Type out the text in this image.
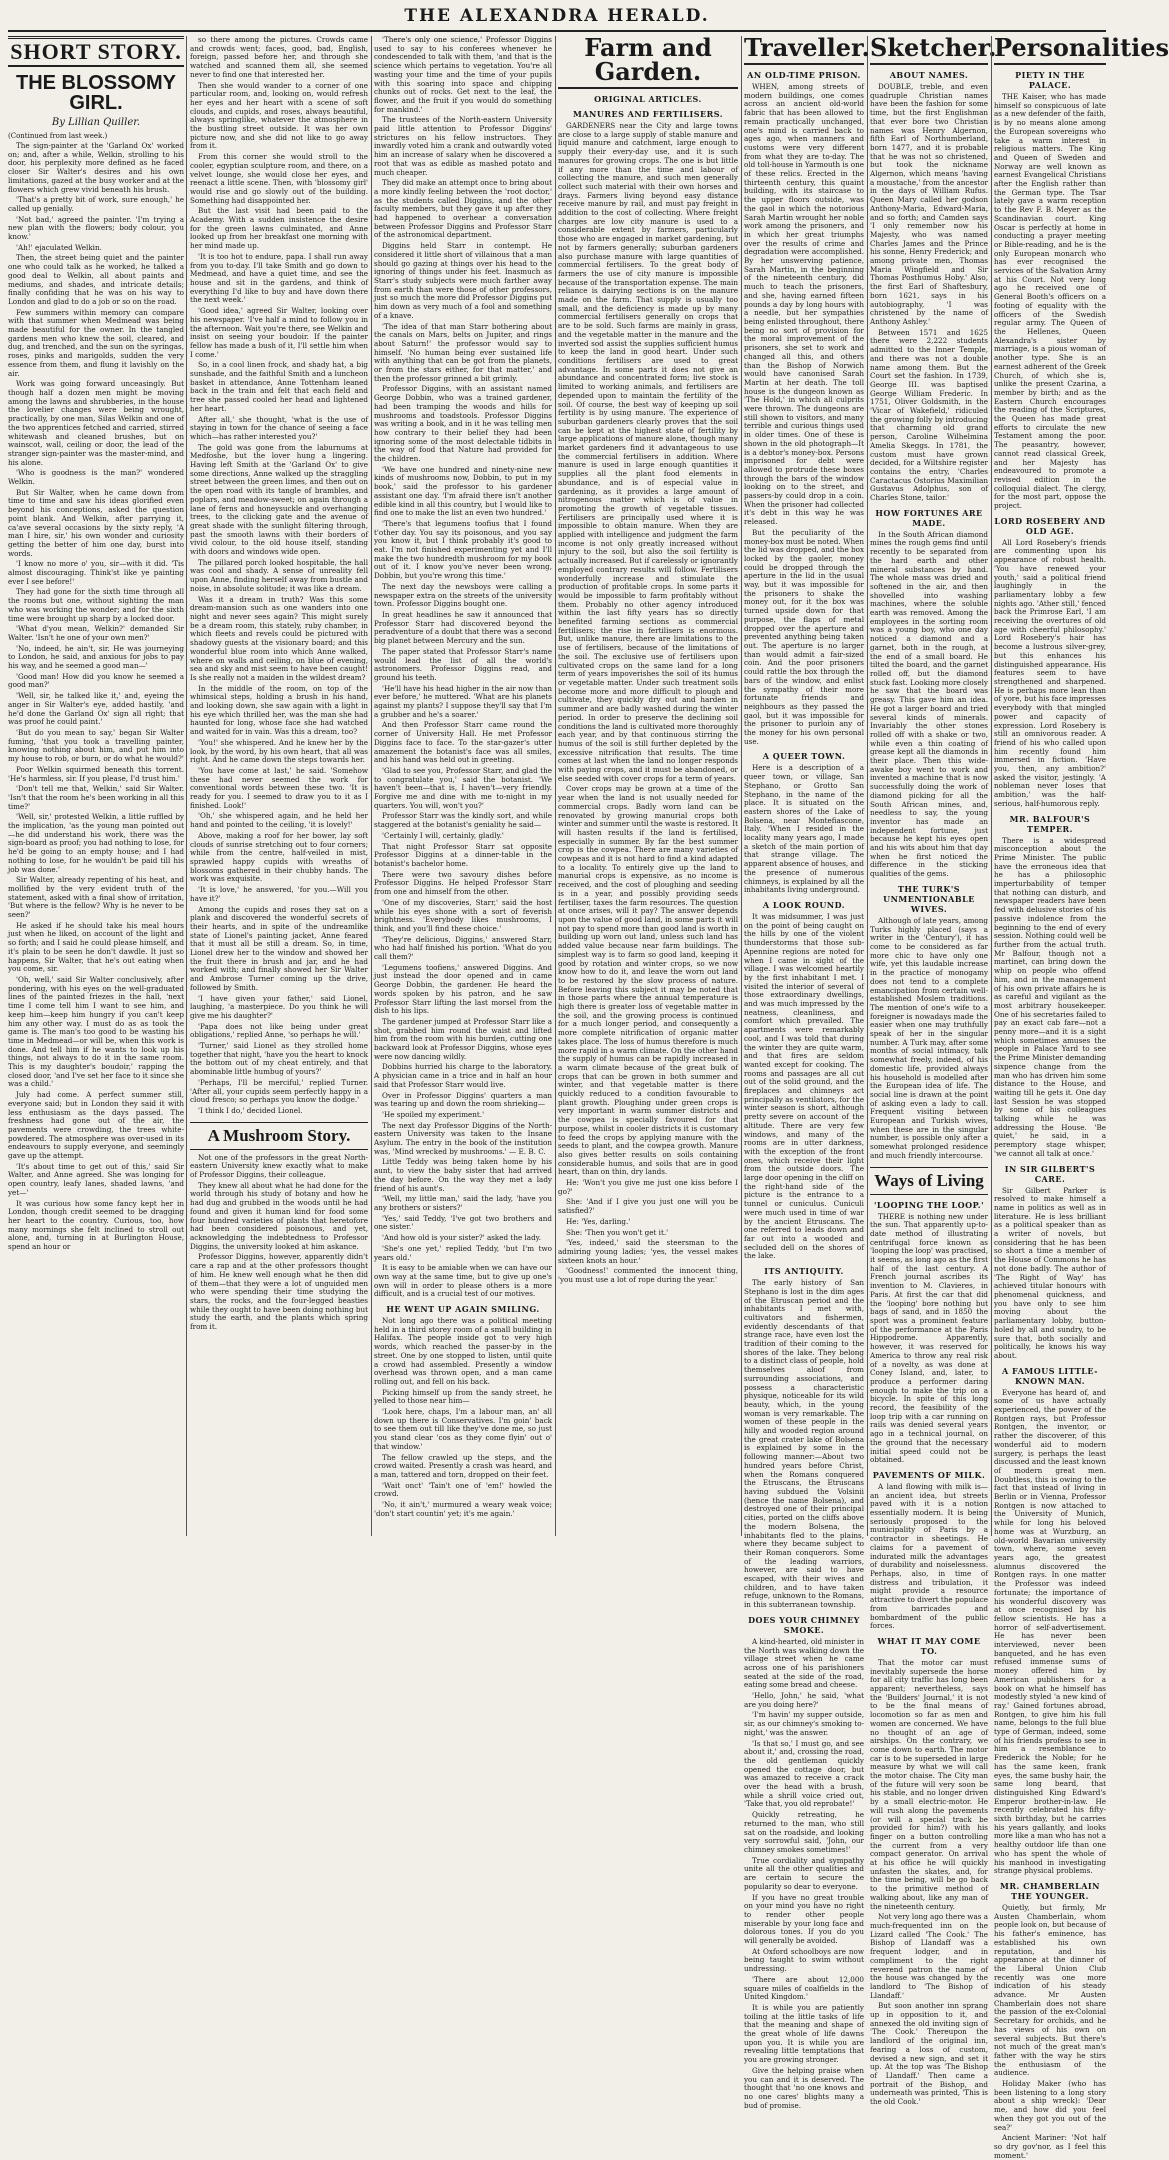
THE ALEXANDRA HERALD.
SHORT STORY.
THE BLOSSOMY GIRL.
By Lillian Quiller.
(Continued from last week.)

The sign-painter at the 'Garland Ox' worked on; and, after a while, Welkin, strolling to his door, his perplexity more defined as he faced closer Sir Walter's desires and his own limitations, gazed at the busy worker and at the flowers which grew vivid beneath his brush.

'That's a pretty bit of work, sure enough,' he called up genially.

'Not bad,' agreed the painter. 'I'm trying a new plan with the flowers; body colour, you know.'

'Ah!' ejaculated Welkin.

Then, the street being quiet and the painter one who could talk as he worked, he talked a good deal to Welkin, all about paints and mediums, and shades, and intricate details; finally confiding that he was on his way to London and glad to do a job or so on the road.

Few summers within memory can compare with that summer when Medmead was being made beautiful for the owner. In the tangled gardens men who knew the soil, cleared, and dug, and trenched, and the sun on the syringas, roses, pinks and marigolds, sudden the very essence from them, and flung it lavishly on the air.

Work was going forward unceasingly. But though half a dozen men might be moving among the lawns and shrubberies, in the house the lovelier changes were being wrought, practically, by one man, Silas Welkin and one of the two apprentices fetched and carried, stirred whitewash and cleaned brushes, but on wainscot, wall, ceiling or door, the lead of the stranger sign-painter was the master-mind, and his alone.

'Who is goodness is the man?' wondered Welkin.

But Sir Walter, when he came down from time to time and saw his ideas glorified even beyond his conceptions, asked the question point blank. And Welkin, after parrying it, ca'ave several occasions by the sixty reply, 'A man I hire, sir,' his own wonder and curiosity getting the better of him one day, burst into words.

'I know no more o' you, sir—with it did. 'Tis almost discouraging. Think'st like ye painting ever I see before!'

They had gone for the sixth time through all the rooms but one, without sighting the man who was working the wonder; and for the sixth time were brought up sharp by a locked door.

'What d'you mean, Welkin?' demanded Sir Walter. 'Isn't he one of your own men?'

'No, indeed, he ain't, sir. He was journeying to London, he said, and anxious for jobs to pay his way, and he seemed a good man—'

'Good man! How did you know he seemed a good man?'

'Well, sir, he talked like it,' and, eyeing the anger in Sir Walter's eye, added hastily, 'and he'd done the Garland Ox' sign all right; that was proof he could paint.'

'But do you mean to say,' began Sir Walter fuming, 'that you took a travelling painter, knowing nothing about him, and put him into my house to rob, or burn, or do what he would?'

Poor Welkin squirmed beneath this torrent. 'He's harmless, sir. If you please, I'd trust him.'

'Don't tell me that, Welkin,' said Sir Walter. 'Isn't that the room he's been working in all this time?'

'Well, sir,' protested Welkin, a little ruffled by the implication, 'as the young man pointed out—he did understand his work, there was the sign-board as proof; you had nothing to lose, for he'd be going to an empty house; and I had nothing to lose, for he wouldn't be paid till his job was done.'

Sir Walter, already repenting of his heat, and mollified by the very evident truth of the statement, asked with a final show of irritation, 'But where is the fellow? Why is he never to be seen?'

He asked if he should take his meal hours just when he liked, on account of the light and so forth; and I said he could please himself, and it's plain to be seen he don't dawdle. It just so happens, Sir Walter, that he's out eating when you come, sir.

'Oh, well,' said Sir Walter conclusively, after pondering, with his eyes on the well-graduated lines of the painted friezes in the hall, 'next time I come tell him I want to see him, and keep him—keep him hungry if you can't keep him any other way. I must do as as took the game is. The man's too good to be wasting his time in Medmead—or will be, when this work is done. And tell him if he wants to look up his things, not always to do it in the same room. This is my daughter's boudoir,' rapping the closed door, 'and I've set her face to it since she was a child.'

July had come. A perfect summer still, everyone said; but in London they said it with less enthusiasm as the days passed. The freshness had gone out of the air, the pavements were crowding, the trees white-powdered. The atmosphere was over-used in its endeavours to supply everyone, and seemingly gave up the attempt.

'It's about time to get out of this,' said Sir Walter, and Anne agreed. She was longing for open country, leafy lanes, shaded lawns, 'and yet—'

It was curious how some fancy kept her in London, though credit seemed to be dragging her heart to the country. Curious, too, how many mornings she felt inclined to stroll out alone, and, turning in at Burlington House, spend an hour or

so there among the pictures. Crowds came and crowds went; faces, good, bad, English, foreign, passed before her, and through she watched and scanned them all, she seemed never to find one that interested her.

Then she would wander to a corner of one particular room, and, looking on, would refresh her eyes and her heart with a scene of soft clouds, and cupids, and roses, always beautiful, always springlike, whatever the atmosphere in the bustling street outside. It was her own picture now, and she did not like to go away from it.

From this corner she would stroll to the cooler, egyptian sculpture room, and there, on a velvet lounge, she would close her eyes, and reenact a little scene. Then, with 'blossomy girl' would rise and go slowly out of the building. Something had disappointed her.

But the last visit had been paid to the Academy. With a sudden insistence the desire for the green lawns culminated, and Anne looked up from her breakfast one morning with her mind made up.

'It is too hot to endure, papa. I shall run away from you to-day. I'll take Smith and go down to Medmead, and have a quiet time, and see the house and sit in the gardens, and think of everything I'd like to buy and have down there the next week.'

'Good idea,' agreed Sir Walter, looking over his newspaper. 'I've half a mind to follow you in the afternoon. Wait you're there, see Welkin and insist on seeing your boudoir. If the painter fellow has made a bush of it, I'll settle him when I come.'

So, in a cool linen frock, and shady hat, a big sunshade, and the faithful Smith and a luncheon basket in attendance, Anne Tottenham leaned back in the train and felt that each field and tree she passed cooled her head and lightened her heart.

After all,' she thought, 'what is the use of staying in town for the chance of seeing a face which—has rather interested you?'

The gold was gone from the laburnums at Medfoshe, but the lover hung a lingering. Having left Smith at the 'Garland Ox' to give some directions, Anne walked up the straggling street between the green limes, and then out on the open road with its tangle of brambles, and poplars, and meadow-sweet; on again through a lane of ferns and honeysuckle and overhanging trees, to the clicking gate and the avenue of great shade with the sunlight filtering through, past the smooth lawns with their borders of vivid colour, to the old house itself, standing with doors and windows wide open.

The pillared porch looked hospitable, the hall was cool and shady. A sense of unreality fell upon Anne, finding herself away from bustle and noise, in absolute solitude; it was like a dream.

Was it a dream in truth? Was this some dream-mansion such as one wanders into one night and never sees again? This might surely be a dream room, this stately, ruby chamber, in which fleets and revels could be pictured with shadowy guests at the visionary board; and this wonderful blue room into which Anne walked, where on walls and ceiling, on blue of evening, sea and sky and mist seem to have been caught! Is she really not a maiden in the wildest dream?

In the middle of the room, on top of the whimsical steps, holding a brush in his hand, and looking down, she saw again with a light in his eye which thrilled her, was the man she had haunted for long, whose face she had watched and waited for in vain. Was this a dream, too?

'You!' she whispered. And he knew her by the look, by the word, by his own heart, that all was right. And he came down the steps towards her.

'You have come at last,' he said. 'Somehow these had never seemed the work for conventional words between these two. 'It is ready for you. I seemed to draw you to it as I finished. Look!'

'Oh,' she whispered again, and he held her hand and pointed to the ceiling, 'it is lovely!'

Above, making a roof for her bower, lay soft clouds of sunrise stretching out to four corners; while from the centre, half-veiled in mist, sprawled happy cupids with wreaths of blossoms gathered in their chubby hands. The work was exquisite.

'It is love,' he answered, 'for you.—Will you have it?'

Among the cupids and roses they sat on a plank and discovered the wonderful secrets of their hearts, and in spite of the undreamlike state of Lionel's painting jacket, Anne feared that it must all be still a dream. So, in time, Lionel drew her to the window and showed her the fruit there in brush and jar, and he had worked with; and finally showed her Sir Walter and Ambrose Turner coming up the drive, followed by Smith.

'I have given your father,' said Lionel, laughing, 'a masterpiece. Do you think he will give me his daughter?'

'Papa does not like being under great obligations,' replied Anne, 'so perhaps he will.'

'Turner,' said Lionel as they strolled home together that night, 'have you the heart to knock the bottom out of my cheat entirely, and that abominable little humbug of yours?'

'Perhaps, I'll be merciful,' replied Turner. 'After all, your cupids seem perfectly happy in a cloud fresco; so perhaps you know the dodge.'

'I think I do,' decided Lionel.

A Mushroom Story.

Not one of the professors in the great North-eastern University knew exactly what to make of Professor Diggins, their colleague.

They knew all about what he had done for the world through his study of botany and how he had dug and grubbed in the woods until he had found and given it human kind for food some four hundred varieties of plants that heretofore had been considered poisonous, and yet, acknowledging the indebtedness to Professor Diggins, the university looked at him askance.

Professor Diggins, however, apparently didn't care a rap and at the other professors thought of him. He knew well enough what he then did of them—that they were a lot of unguided men who were spending their time studying the stars, the rocks, and the four-legged beasties while they ought to have been doing nothing but study the earth, and the plants which spring from it.

'There's only one science,' Professor Diggins used to say to his conferees whenever he condescended to talk with them, 'and that is the science which pertains to vegetation. You're all wasting your time and the time of your pupils with this soaring into space and chipping chunks out of rocks. Get next to the leaf, the flower, and the fruit if you would do something for mankind.'

The trustees of the North-eastern University paid little attention to Professor Diggins' strictures on his fellow instructors. They inwardly voted him a crank and outwardly voted him an increase of salary when he discovered a root that was as edible as mashed potato and much cheaper.

They did make an attempt once to bring about a more kindly feeling between the 'root doctor,' as the students called Diggins, and the other faculty members, but they gave it up after they had happened to overhear a conversation between Professor Diggins and Professor Starr of the astronomical department.

Diggins held Starr in contempt. He considered it little short of villainous that a man should go gazing at things over his head to the ignoring of things under his feet. Inasmuch as Starr's study subjects were much farther away from earth than were those of other professors, just so much the more did Professor Diggins put him down as very much of a fool and something of a knave.

'The idea of that man Starr bothering about the canals on Mars, belts on Jupiter, and rings about Saturn!' the professor would say to himself. 'No human being ever sustained life with anything that can be got from the planets, or from the stars either, for that matter,' and then the professor grinned a bit grimly.

Professor Diggins, with an assistant named George Dobbin, who was a trained gardener, had been tramping the woods and hills for mushrooms and toadstools. Professor Diggins was writing a book, and in it he was telling men how contrary to their belief they had been ignoring some of the most delectable tidbits in the way of food that Nature had provided for the children.

'We have one hundred and ninety-nine new kinds of mushrooms now, Dobbin, to put in my book,' said the professor to his gardener assistant one day. 'I'm afraid there isn't another edible kind in all this country, but I would like to find one to make the list an even two hundred.'

'There's that legumens toofius that I found t'other day. You say its poisonous, and you say you know it, but I think probably it's good to eat. I'm not finished experimenting yet and I'll make the two hundredth mushroom for my book out of it. I know you've never been wrong, Dobbin, but you're wrong this time.'

The next day the newsboys were calling a newspaper extra on the streets of the university town. Professor Diggins bought one.

In great headlines he saw it announced that Professor Starr had discovered beyond the peradventure of a doubt that there was a second big planet between Mercury and the sun.

The paper stated that Professor Starr's name would lead the list of all the world's astronomers. Professor Diggins read, and ground his teeth.

'He'll have his head higher in the air now than ever before,' he muttered. 'What are his planets against my plants? I suppose they'll say that I'm a grubber and he's a soarer.'

And then Professor Starr came round the corner of University Hall. He met Professor Diggins face to face. To the star-gazer's utter amazement the botanist's face was all smiles, and his hand was held out in greeting.

'Glad to see you, Professor Starr, and glad the to congratulate you,' said the botanist. 'We haven't been—that is, I haven't—very friendly. Forgive me and dine with me to-night in my quarters. You will, won't you?'

Professor Starr was the kindly sort, and while staggered at the botanist's geniality he said—

'Certainly I will, certainly, gladly.'

That night Professor Starr sat opposite Professor Diggins at a dinner-table in the botanist's bachelor home.

There were two savoury dishes before Professor Diggins. He helped Professor Starr from one and himself from the other.

'One of my discoveries, Starr,' said the host while his eyes shone with a sort of feverish brightness. 'Everybody likes mushrooms, I think, and you'll find these choice.'

'They're delicious, Diggins,' answered Starr, who had half finished his portion. 'What do you call them?'

'Legumens toofiens,' answered Diggins. And just instead the door opened and in came George Dobbin, the gardener. He heard the words spoken by his patron, and he saw Professor Starr lifting the last morsel from the dish to his lips.

The gardener jumped at Professor Starr like a shot, grabbed him round the waist and lifted him from the room with his burden, cutting one backward look at Professor Diggins, whose eyes were now dancing wildly.

Dobbins hurried his charge to the laboratory. A physician came in a trice and in half an hour said that Professor Starr would live.

Over in Professor Diggins' quarters a man was tearing up and down the room shrieking—

'He spoiled my experiment.'

The next day Professor Diggins of the North-eastern University was taken to the Insane Asylum. The entry in the book of the institution was, 'Mind wrecked by mushrooms.' — E. B. C.

Little Teddy was being taken home by his aunt, to view the baby sister that had arrived the day before. On the way they met a lady friend of his aunt's.

'Well, my little man,' said the lady, 'have you any brothers or sisters?'

'Yes,' said Teddy, 'I've got two brothers and one sister.'

'And how old is your sister?' asked the lady.

'She's one yet,' replied Teddy, 'but I'm two years old.'

It is easy to be amiable when we can have our own way at the same time, but to give up one's own will in order to please others is a more difficult, and is a crucial test of our motives.

HE WENT UP AGAIN SMILING.

Not long ago there was a political meeting held in a third storey room of a small building in Halifax. The people inside got to very high words, which reached the passer-by in the street. One by one stopped to listen, until quite a crowd had assembled. Presently a window overhead was thrown open, and a man came rolling out, and fell on his back.

Picking himself up from the sandy street, he yelled to those near him—

'Look here, chaps, I'm a labour man, an' all down up there is Conservatives. I'm goin' back to see them out till like they've done me, so just you stand clear 'cos as they come flyin' out o' that window.'

The fellow crawled up the steps, and the crowd waited. Presently a crash was heard, and a man, tattered and torn, dropped on their feet.

'Wait onct' 'Tain't one of 'em!' howled the crowd.

'No, it ain't,' murmured a weary weak voice; 'don't start countin' yet; it's me again.'

Farm and Garden.
ORIGINAL ARTICLES.
MANURES AND FERTILISERS.

GARDENERS near the City and large towns are close to a large supply of stable manure and liquid manure and catchment, large enough to supply their every-day use, and it is such manures for growing crops. The one is but little if any more than the time and labour of collecting the manure, and such men generally collect such material with their own horses and drays. Farmers living beyond easy distance receive manure by rail, and must pay freight in addition to the cost of collecting. Where freight charges are low city manure is used to a considerable extent by farmers, particularly those who are engaged in market gardening, but not by farmers generally; suburban gardeners also purchase manure with large quantities of commercial fertilisers. To the great body of farmers the use of city manure is impossible because of the transportation expense. The main reliance is dairying sections is on the manure made on the farm. That supply is usually too small, and the deficiency is made up by many commercial fertilisers generally on crops that are to be sold. Such farms are mainly in grass, and the vegetable matter in the manure and the inverted sod assist the supplies sufficient humus to keep the land in good heart. Under such conditions fertilisers are used to great advantage. In some parts it does not give an abundance and concentrated form; live stock is limited to working animals, and fertilisers are depended upon to maintain the fertility of the soil. Of course, the best way of keeping up soil fertility is by using manure. The experience of suburban gardeners clearly proves that the soil can be kept at the highest state of fertility by large applications of manure alone, though many market gardeners find it advantageous to use the commercial fertilisers in addition. Where manure is used in large enough quantities it supplies all the plant food elements in abundance, and is of especial value in gardening, as it provides a large amount of nitrogenous matter which is of value in promoting the growth of vegetable tissues. Fertilisers are principally used where it is impossible to obtain manure. When they are applied with intelligence and judgment the farm income is not only greatly increased without injury to the soil, but also the soil fertility is actually increased. But if carelessly or ignorantly employed contrary results will follow. Fertilisers wonderfully increase and stimulate the production of profitable crops. In some parts it would be impossible to farm profitably without them. Probably no other agency introduced within the last fifty years has so directly benefited farming sections as commercial fertilisers; the rise in fertilisers is enormous. But, unlike manure, there are limitations to the use of fertilisers, because of the limitations of the soil. The exclusive use of fertilisers upon cultivated crops on the same land for a long term of years impoverishes the soil of its humus or vegetable matter. Under such treatment soils become more and more difficult to plough and cultivate, they quickly dry out and harden in summer and are badly washed during the winter period. In order to preserve the declining soil conditions the land is cultivated more thoroughly each year, and by that continuous stirring the humus of the soil is still further depleted by the excessive nitrification that results. The time comes at last when the land no longer responds with paying crops, and it must be abandoned, or else seeded with cover crops for a term of years.

Cover crops may be grown at a time of the year when the land is not usually needed for commercial crops. Badly worn land can be renovated by growing manurial crops both winter and summer until the waste is restored. It will hasten results if the land is fertilised, especially in summer. By far the best summer crop is the cowpea. There are many varieties of cowpeas and it is not hard to find a kind adapted to a locality. To entirely give up the land to manurial crops is expensive, as no income is received, and the cost of ploughing and seeding is in a year, and possibly providing seeds fertiliser, taxes the farm resources. The question at once arises, will it pay? The answer depends upon the value of good land, in some parts it will not pay to spend more than good land is worth in building up worn out land, unless such land has added value because near farm buildings. The simplest way is to farm so good land, keeping it good by rotation and winter crops, so we now know how to do it, and leave the worn out land to be restored by the slow process of nature. Before leaving this subject it may be noted that in those parts where the annual temperature is high there is greater loss of vegetable matter in the soil, and the growing process is continued for a much longer period, and consequently a more complete nitrification of organic matter takes place. The loss of humus therefore is much more rapid in a warm climate. On the other hand the supply of humus can be rapidly increased in a warm climate because of the great bulk of crops that can be grown in both summer and winter, and that vegetable matter is there quickly reduced to a condition favourable to plant growth. Ploughing under green crops is very important in warm summer districts and the cowpea is specially favoured for that purpose, whilst in cooler districts it is customary to feed the crops by applying manure with the seeds to plant, and the cowpea growth. Manure also gives better results on soils containing considerable humus, and soils that are in good heart, than on thin, dry lands.

He: 'Won't you give me just one kiss before I go?'

She: 'And if I give you just one will you be satisfied?'

He: 'Yes, darling.'

She: 'Then you won't get it.'

'Yes, indeed,' said the steersman to the admiring young ladies; 'yes, the vessel makes sixteen knots an hour.'

'Goodness!' commented the innocent thing, 'you must use a lot of rope during the year.'

Traveller.
AN OLD-TIME PRISON.

WHEN, among streets of modern buildings, one comes across an ancient old-world fabric that has been allowed to remain practically unchanged, one's mind is carried back to ages ago, when manners and customs were very different from what they are to-day. The old toll-house in Yarmouth is one of these relics. Erected in the thirteenth century, this quaint building, with its staircase to the upper floors outside, was the gaol in which the notorious Sarah Martin wrought her noble work among the prisoners, and in which her great triumphs over the results of crime and degradation were accomplished. By her unswerving patience, Sarah Martin, in the beginning of the nineteenth century, did much to teach the prisoners, and she, having earned fifteen pounds a day by long hours with a needle, but her sympathies being enlisted throughout, there being no sort of provision for the moral improvement of the prisoners, she set to work and changed all this, and others than the Bishop of Norwich would have canonised Sarah Martin at her death. The toll house is the dungeon known as 'The Hold,' in which all culprits were thrown. The dungeons are still shown to visitors, and many terrible and curious things used in older times. One of these is shown in the old photograph—It is a debtor's money-box. Persons imprisoned for debt were allowed to protrude these boxes through the bars of the window looking on to the street, and passers-by could drop in a coin. When the prisoner had collected it's debt in this way he was released.

But the peculiarity of the money-box must be noted. When the lid was dropped, and the box locked by the gaoler, money could be dropped through the aperture in the lid in the usual way, but it was impossible for the prisoners to shake the money out, for it the box was turned upside down for that purpose, the flaps of metal dropped over the aperture and prevented anything being taken out. The aperture is no larger than would admit a fair-sized coin. And the poor prisoners could rattle the box through the bars of the window, and enlist the sympathy of their more fortunate friends and neighbours as they passed the gaol, but it was impossible for the prisoner to purloin any of the money for his own personal use.

A QUEER TOWN.

Here is a description of a queer town, or village, San Stephano, or Grotto San Stephano, in the name of the place. It is situated on the eastern shores of the Lake of Bolsena, near Montefiascone, Italy. 'When I resided in the locality many years ago, I made a sketch of the main portion of that strange village. The apparent absence of houses, and the presence of numerous chimneys, is explained by all the inhabitants living underground.

A LOOK ROUND.

It was midsummer, I was just on the point of being caught on the hills by one of the violent thunderstorms that those sub-Apennine regions are noted for when I came in sight of the village. I was welcomed heartily by the first inhabitant I met. I visited the interior of several of those extraordinary dwellings, and was much impressed by the neatness, cleanliness, and comfort which prevailed. The apartments were remarkably cool, and I was told that during the winter they are quite warm, and that fires are seldom wanted except for cooking. The rooms and passages are all cut out of the solid ground, and the fireplaces and chimneys act principally as ventilators, for the winter season is short, although pretty severe on account of the altitude. There are very few windows, and many of the rooms are in utter darkness, with the exception of the front ones, which receive their light from the outside doors. The large door opening in the cliff on the right-hand side of the picture is the entrance to a tunnel or cuniculus. Cuniculi were much used in time of war by the ancient Etruscans. The one referred to leads down and far out into a wooded and secluded dell on the shores of the lake.

ITS ANTIQUITY.

The early history of San Stephano is lost in the dim ages of the Etruscan period and the inhabitants I met with, cultivators and fishermen, evidently descendants of that strange race, have even lost the tradition of their coming to the shores of the lake. They belong to a distinct class of people, hold themselves aloof from surrounding associations, and possess a characteristic physique, noticeable for its wild beauty, which, in the young woman is very remarkable. The women of these people in the hilly and wooded region around the great crater lake of Bolsena is explained by some in the following manner:—About two hundred years before Christ, when the Romans conquered the Etruscans, the Etruscans having subdued the Volsinii (hence the name Bolsena), and destroyed one of their principal cities, ported on the cliffs above the modern Bolsena, the inhabitants fled to the plains, where they became subject to their Roman conquerors. Some of the leading warriors, however, are said to have escaped, with their wives and children, and to have taken refuge, unknown to the Romans, in this subterranean township.

DOES YOUR CHIMNEY SMOKE.

A kind-hearted, old minister in the North was walking down the village street when he came across one of his parishioners seated at the side of the road, eating some bread and cheese.

'Hello, John,' he said, 'what are you doing here?'

'I'm havin' my supper outside, sir, as our chimney's smoking to-night,' was the answer.

'Is that so,' I must go, and see about it,' and, crossing the road, the old gentleman quickly opened the cottage door, but was amazed to receive a crack over the head with a brush, while a shrill voice cried out, 'Take that, you old reprobate!'

Quickly retreating, he returned to the man, who still sat on the roadside, and looking very sorrowful said, 'John, our chimney smokes sometimes!'

True cordiality and sympathy unite all the other qualities and are certain to secure the popularity so dear to everyone.

If you have no great trouble on your mind you have no right to render other people miserable by your long face and dolorous tones. If you do you will generally be avoided.

At Oxford schoolboys are now being taught to swim without undressing.

'There are about 12,000 square miles of coalfields in the United Kingdom.'

It is while you are patiently toiling at the little tasks of life that the meaning and shape of the great whole of life dawns upon you. It is while you are revealing little temptations that you are growing stronger.

Give the helping praise when you can and it is deserved. The thought that 'no one knows and no one cares' blights many a bud of promise.

Sketcher.
ABOUT NAMES.

DOUBLE, treble, and even quadruple Christian names have been the fashion for some time, but the first Englishman that ever bore two Christian names was Henry Algernon, fifth Earl of Northumberland, born 1477, and it is probable that he was not so christened, but took the nickname Algernon, which means 'having a moustache,' from the ancestor in the days of William Rufus. Queen Mary called her godson Anthony-Maria, Edward-Maria, and so forth; and Camden says 'I only remember now his Majesty, who was named Charles James and the Prince his sonne, Henry Frederick; and among private men, Thomas Maria Wingfield and Sir Thomas Posthumus Hoby.' Also, the first Earl of Shaftesbury, born 1621, says in his autobiography, 'I was christened by the name of Anthony Ashley.'

Between 1571 and 1625 there were 2,222 students admitted to the Inner Temple, and there was not a double name among them. But the Court set the fashion. In 1739, George III. was baptised George William Frederic. In 1751, Oliver Goldsmith, in the 'Vicar of Wakefield,' ridiculed the growing folly by introducing that charming old grand person, Caroline Wilhelmina Amelia Skeggs. In 1781, the custom must have grown decided, for a Wiltshire register contains the entry, 'Charles Caractacus Ostorius Maximilian Gustavus Adolphus, son of Charles Stone, tailor.'

HOW FORTUNES ARE MADE.

In the South African diamond mines the rough gems find until recently to be separated from the hard earth and other mineral substances by hand. The whole mass was dried and softened in the air, and then shovelled into washing machines, where the soluble earth was removed. Among the employees in the sorting room was a young boy, who one day noticed a diamond and a garnet, both in the rough, at the end of a small board. He tilted the board, and the garnet rolled off, but the diamond stuck fast. Looking more closely he saw that the board was greasy. This gave him an idea. He got a larger board and tried several kinds of minerals. Invariably the other stones rolled off with a shake or two, while even a thin coating of grease kept all the diamonds in their place. Then this wide-awake boy went to work and invented a machine that is now successfully doing the work of diamond picking for all the South African mines, and, needless to say, the young inventor has made an independent fortune, just because he kept his eyes open and his wits about him that day when he first noticed the difference in the sticking qualities of the gems.

THE TURK'S UNMENTIONABLE WIVES.

Although of late years, among Turks highly placed (says a writer in the 'Century'), it has come to be considered as far more chic to have only one wife, yet this laudable increase in the practice of monogamy does not tend to a complete emancipation from certain well-established Moslem traditions. The mention of one's wife to a foreigner is nowadays made the easier when one may truthfully speak of her in the singular number. A Turk may, after some months of social intimacy, talk somewhat freely, indeed, of his domestic life, provided always his household is modelled after the European idea of life. The social line is drawn at the point of asking even a lady to call. Frequent visiting between European and Turkish wives, when these are in the singular number, is possible only after a somewhat prolonged residence and much friendly intercourse.

Ways of Living
'LOOPING THE LOOP.'

THERE is nothing new under the sun. That apparently up-to-date method of illustrating centrifugal force known as 'looping the loop' was practised, it seems, as long ago as the first half of the last century. A French journal ascribes its invention to M. Clavieres, in Paris. At first the car that did the 'looping' bore nothing but bags of sand, and in 1850 the sport was a prominent feature of the performance at the Paris Hippodrome. Apparently, however, it was reserved for America to throw any real risk of a novelty, as was done at Coney Island, and, later, to produce a performer daring enough to make the trip on a bicycle. In spite of this long record, the feasibility of the loop trip with a car running on rails was denied several years ago in a technical journal, on the ground that the necessary initial speed could not be obtained.

PAVEMENTS OF MILK.

A land flowing with milk is—an ancient idea, but streets paved with it is a notion essentially modern. It is being seriously proposed to the municipality of Paris by a contractor in sheetings. He claims for a pavement of indurated milk the advantages of durability and noiselessness. Perhaps, also, in time of distress and tribulation, it might provide a resource attractive to divert the populace from barricades and bombardment of the public forces.

WHAT IT MAY COME TO.

That the motor car must inevitably supersede the horse for all city traffic has long been apparent; nevertheless, says the 'Builders' Journal,' it is not to be the final means of locomotion so far as men and women are concerned. We have no thought of an age of airships. On the contrary, we come down to earth. The motor car is to be superseded in large measure by what we will call the motor chaise. The City man of the future will very soon be his stable, and no longer driven by a small electric-motor. He will rush along the pavements (or will a special track be provided for him?) with his finger on a button controlling the current from a very compact generator. On arrival at his office he will quickly unfasten the skates, and, for the time being, will be go back to the primitive method of walking about, like any man of the nineteenth century.

Not very long ago there was a much-frequented inn on the Lizard called 'The Cook.' The Bishop of Llandaff was a frequent lodger, and in compliment to the right reverend patron the name of the house was changed by the landlord to 'The Bishop of Llandaff.'

But soon another inn sprang up in opposition to it, and annexed the old inviting sign of 'The Cook.' Thereupon the landlord of the original inn, fearing a loss of custom, devised a new sign, and set it up. At the top was 'The Bishop of Llandaff.' Then came a portrait of the Bishop, and underneath was printed, 'This is the old Cook.'

Personalities
PIETY IN THE PALACE.

THE Kaiser, who has made himself so conspicuous of late as a new defender of the faith, is by no means alone among the European sovereigns who take a warm interest in religious matters. The King and Queen of Sweden and Norway are well known as earnest Evangelical Christians after the English rather than the German type. The Tsar lately gave a warm reception to the Rev F. B. Meyer as the Scandinavian court. King Oscar is perfectly at home in conducting a prayer meeting or Bible-reading, and he is the only European monarch who has ever recognised the services of the Salvation Army at his Court. Not very long ago he received one of General Booth's officers on a footing of equality with the officers of the Swedish regular army. The Queen of the Hellenes, Queen Alexandra's sister by marriage, is a pious woman of another type. She is an earnest adherent of the Greek Church, of which she is, unlike the present Czarina, a member by birth; and as the Eastern Church encourages the reading of the Scriptures, the Queen has made great efforts to circulate the new Testament among the poor. The peasantry, however, cannot read classical Greek, and her Majesty has endeavoured to promote a revised edition in the colloquial dialect. The clergy, for the most part, oppose the project.

LORD ROSEBERY AND OLD AGE.

All Lord Rosebery's friends are commenting upon his appearance of robust health. 'You have renewed your youth,' said a political friend laughingly in the parliamentary lobby a few nights ago. 'Ather still,' fenced back the Primrose Earl, 'I am receiving the overtures of old age with cheerful philosophy.' Lord Rosebery's hair has become a lustrous silver-grey, but this enhances his distinguished appearance. His features seem to have strengthened and sharpened. He is perhaps more lean than of yore, but his face impresses everybody with that mingled power and capacity of expression. Lord Rosebery is still an omnivorous reader. A friend of his who called upon him recently found him immersed in fiction. 'Have you, then, any ambition?' asked the visitor, jestingly. 'A nobleman never loses that ambition,' was the half-serious, half-humorous reply.

MR. BALFOUR'S TEMPER.

There is a widespread misconception about the Prime Minister. The public have the erroneous idea that he has a philosophic imperturbability of temper that nothing can disturb, and newspaper readers have been fed with delusive stories of his passive indolence from the beginning to the end of every session. Nothing could well be further from the actual truth. Mr Balfour, though not a martinet, can bring down the whip on people who offend him, and in the management of his own private affairs he is as careful and vigilant as the most arbitrary housekeeper. One of his secretaries failed to pay an exact cab fare—not a penny more—and it is a sight which sometimes amuses the people in Palace Yard to see the Prime Minister demanding sixpence change from the man who has driven him some distance to the House, and waiting till he gets it. One day last Session he was stopped by some of his colleagues talking while he was addressing the House. 'Be quiet,' he said, in a peremptory stage whisper, 'we cannot all talk at once.'

IN SIR GILBERT'S CARE.

Sir Gilbert Parker is resolved to make himself a name in politics as well as in literature. He is less brilliant as a political speaker than as a writer of novels, but considering that he has been so short a time a member of the House of Commons he has not done badly. The author of 'The Right of Way' has achieved titular honours with phenomenal quickness, and you have only to see him moving about the parliamentary lobby, button-holed by all and sundry, to be sure that, both socially and politically, he knows his way about.

A FAMOUS LITTLE-KNOWN MAN.

Everyone has heard of, and some of us have actually experienced, the power of the Rontgen rays, but Professor Rontgen, the inventor, or rather the discoverer, of this wonderful aid to modern surgery, is perhaps the least discussed and the least known of modern great men. Doubtless, this is owing to the fact that instead of living in Berlin or in Vienna, Professor Rontgen is now attached to the University of Munich, while for long his beloved home was at Wurzburg, an old-world Bavarian university town, where, some seven years ago, the greatest alumnus discovered the Rontgen rays. In one matter the Professor was indeed fortunate; the importance of his wonderful discovery was at once recognised by his fellow scientists. He has a horror of self-advertisement. He has never been interviewed, never been banqueted, and he has even refused immense sums of money offered him by American publishers for a book on what he himself has modestly styled 'a new kind of ray.' Gained fortunes abroad, Rontgen, to give him his full name, belongs to the full blue type of German, indeed, some of his friends profess to see in him a resemblance to Frederick the Noble; for he has the same keen, frank eyes, the same bushy hair, the same long beard, that distinguished King Edward's Emperor brother-in-law. He recently celebrated his fifty-sixth birthday, but he carries his years gallantly, and looks more like a man who has not a healthy outdoor life than one who has spent the whole of his manhood in investigating strange physical problems.

MR. CHAMBERLAIN THE YOUNGER.

Quietly, but firmly, Mr Austen Chamberlain, whom people look on, but because of his father's eminence, has established his own reputation, and his appearance at the dinner of the Liberal Union Club recently was one more indication of his steady advance. Mr Austen Chamberlain does not share the passion of the ex-Colonial Secretary for orchids, and he has views of his own on several subjects. But there's not much of the great man's father with the way he stirs the enthusiasm of the audience.

Holiday Maker (who has been listening to a long story about a ship wreck): 'Dear me, and how did you feel when they got you out of the sea?'

Ancient Mariner: 'Not half so dry gov'nor, as I feel this moment.'
